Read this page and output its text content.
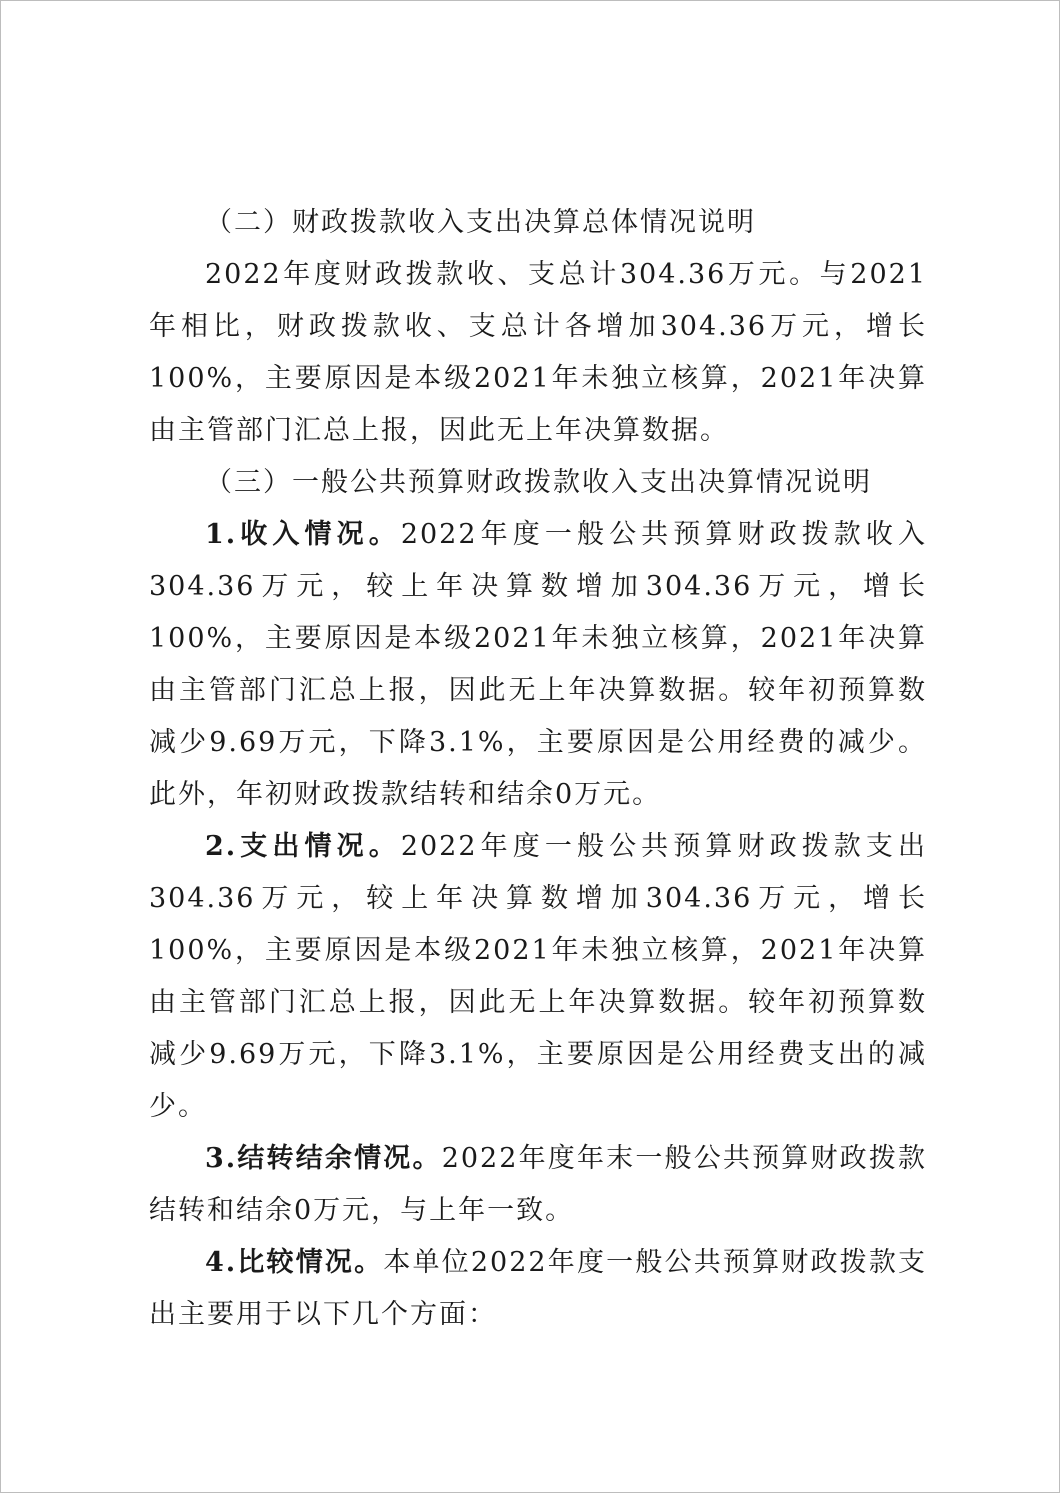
（二）财政拨款收入支出决算总体情况说明

2022年度财政拨款收、支总计304.36万元。与2021年相比，财政拨款收、支总计各增加304.36万元，增长100%，主要原因是本级2021年未独立核算，2021年决算由主管部门汇总上报，因此无上年决算数据。

（三）一般公共预算财政拨款收入支出决算情况说明

1.收入情况。2022年度一般公共预算财政拨款收入304.36万元，较上年决算数增加304.36万元，增长100%，主要原因是本级2021年未独立核算，2021年决算由主管部门汇总上报，因此无上年决算数据。较年初预算数减少9.69万元，下降3.1%，主要原因是公用经费的减少。此外，年初财政拨款结转和结余0万元。

2.支出情况。2022年度一般公共预算财政拨款支出304.36万元，较上年决算数增加304.36万元，增长100%，主要原因是本级2021年未独立核算，2021年决算由主管部门汇总上报，因此无上年决算数据。较年初预算数减少9.69万元，下降3.1%，主要原因是公用经费支出的减少。

3.结转结余情况。2022年度年末一般公共预算财政拨款结转和结余0万元，与上年一致。

4.比较情况。本单位2022年度一般公共预算财政拨款支出主要用于以下几个方面：
